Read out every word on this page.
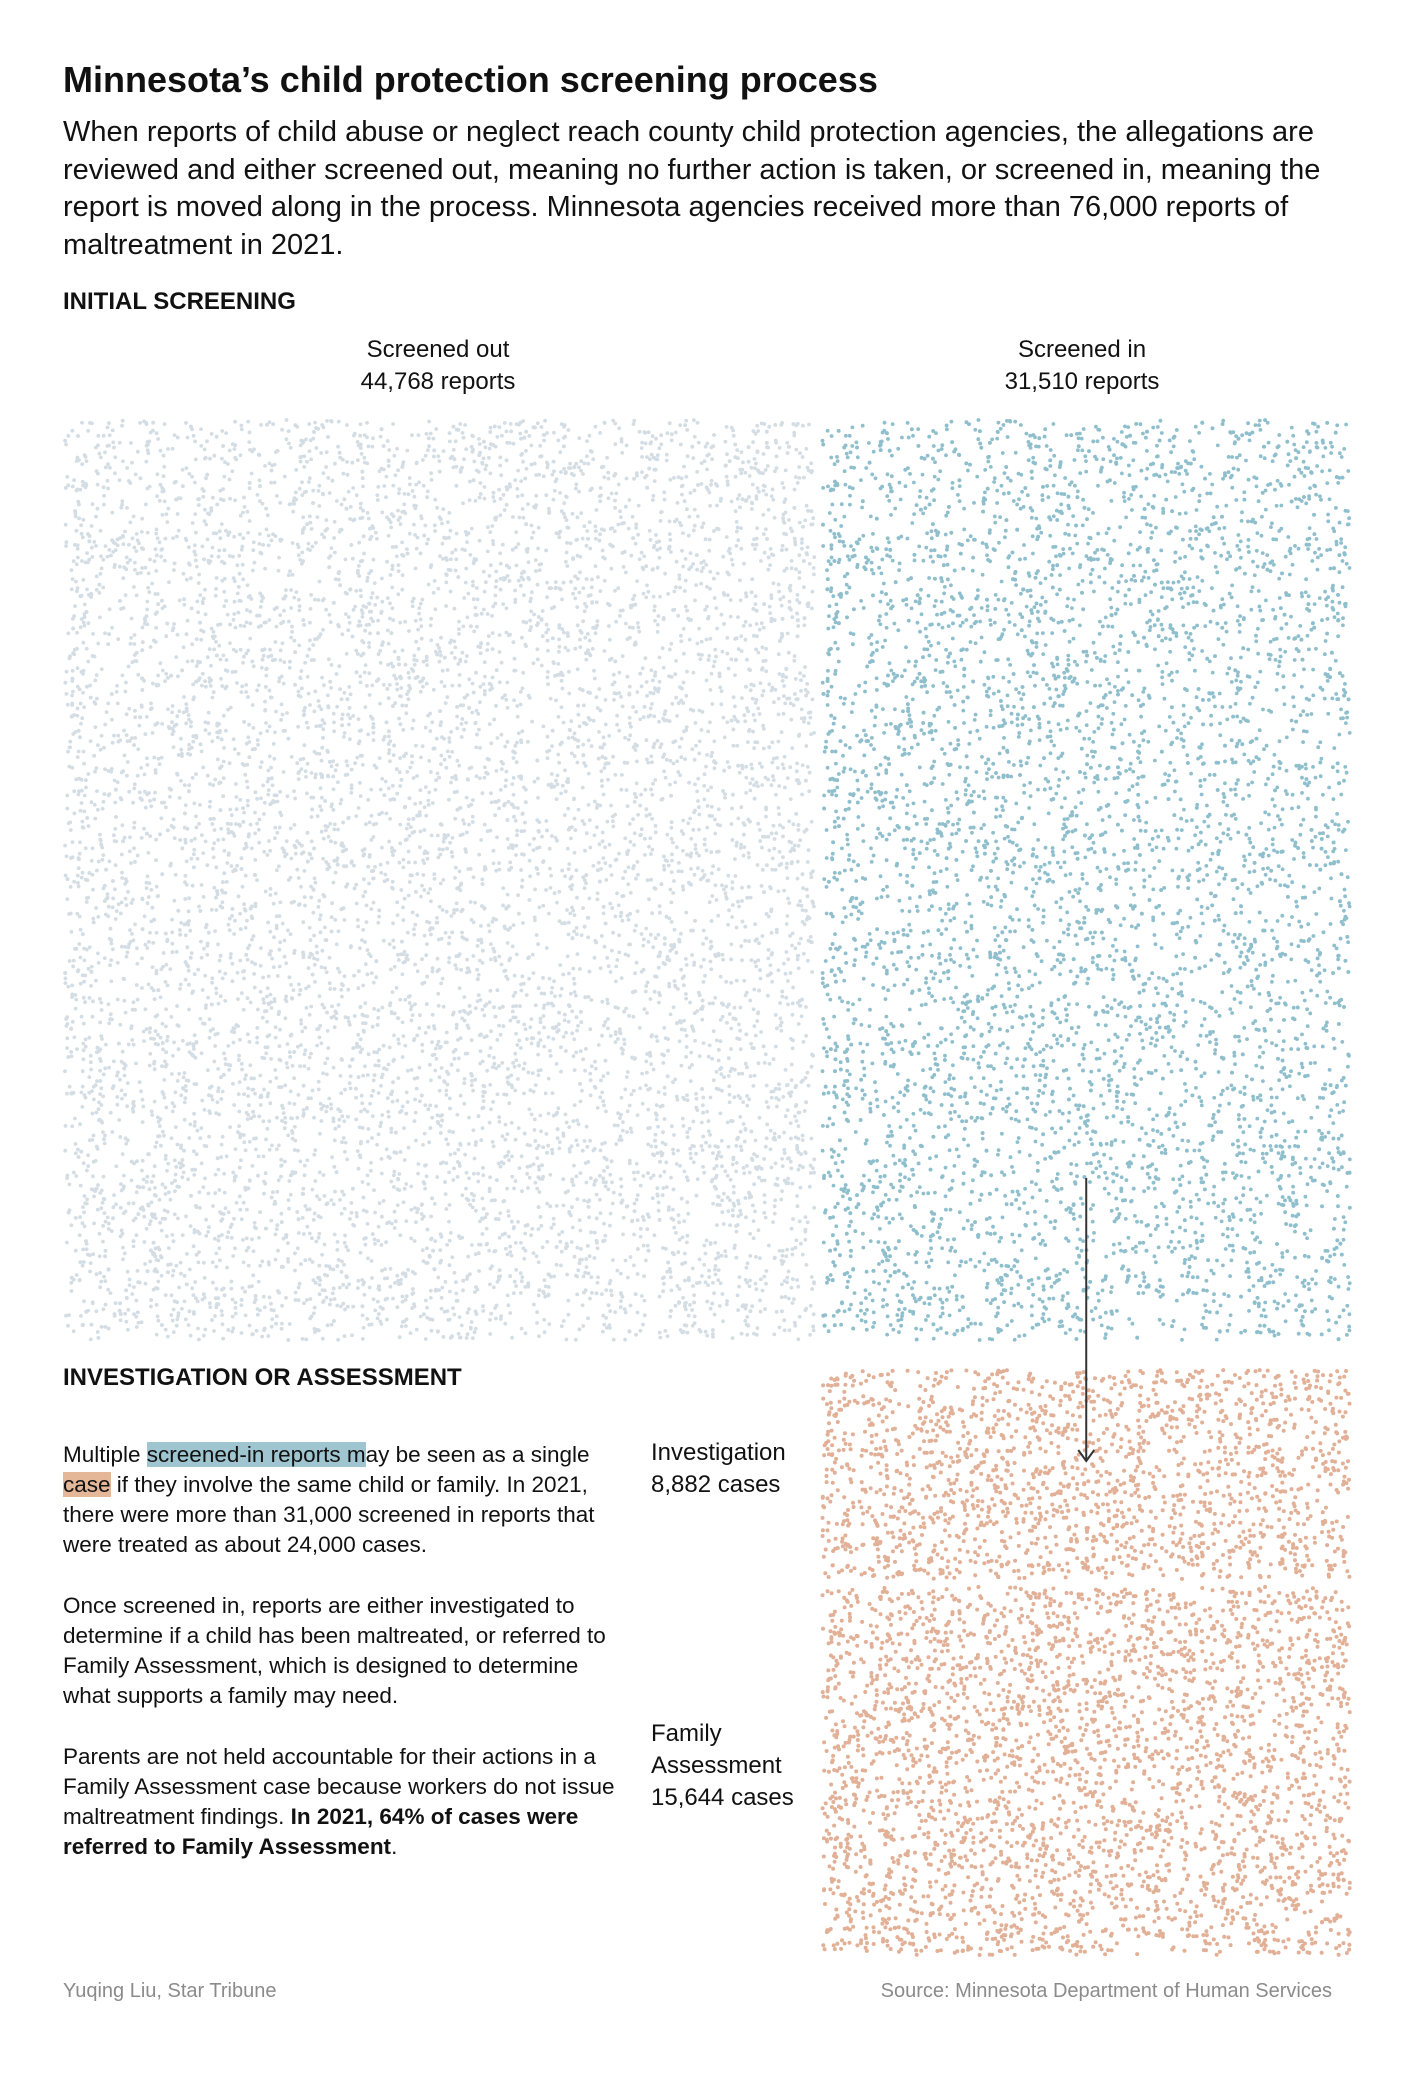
Minnesota’s child protection screening process

When reports of child abuse or neglect reach county child protection agencies, the allegations are reviewed and either screened out, meaning no further action is taken, or screened in, meaning the report is moved along in the process. Minnesota agencies received more than 76,000 reports of maltreatment in 2021.

INITIAL SCREENING
Screened out
44,768 reports
Screened in
31,510 reports
INVESTIGATION OR ASSESSMENT
Investigation
8,882 cases
Family Assessment
15,644 cases

Multiple screened-in reports may be seen as a single case if they involve the same child or family. In 2021, there were more than 31,000 screened in reports that were treated as about 24,000 cases.

Once screened in, reports are either investigated to determine if a child has been maltreated, or referred to Family Assessment, which is designed to determine what supports a family may need.

Parents are not held accountable for their actions in a Family Assessment case because workers do not issue maltreatment findings. In 2021, 64% of cases were referred to Family Assessment.

Yuqing Liu, Star Tribune	Source: Minnesota Department of Human Services
